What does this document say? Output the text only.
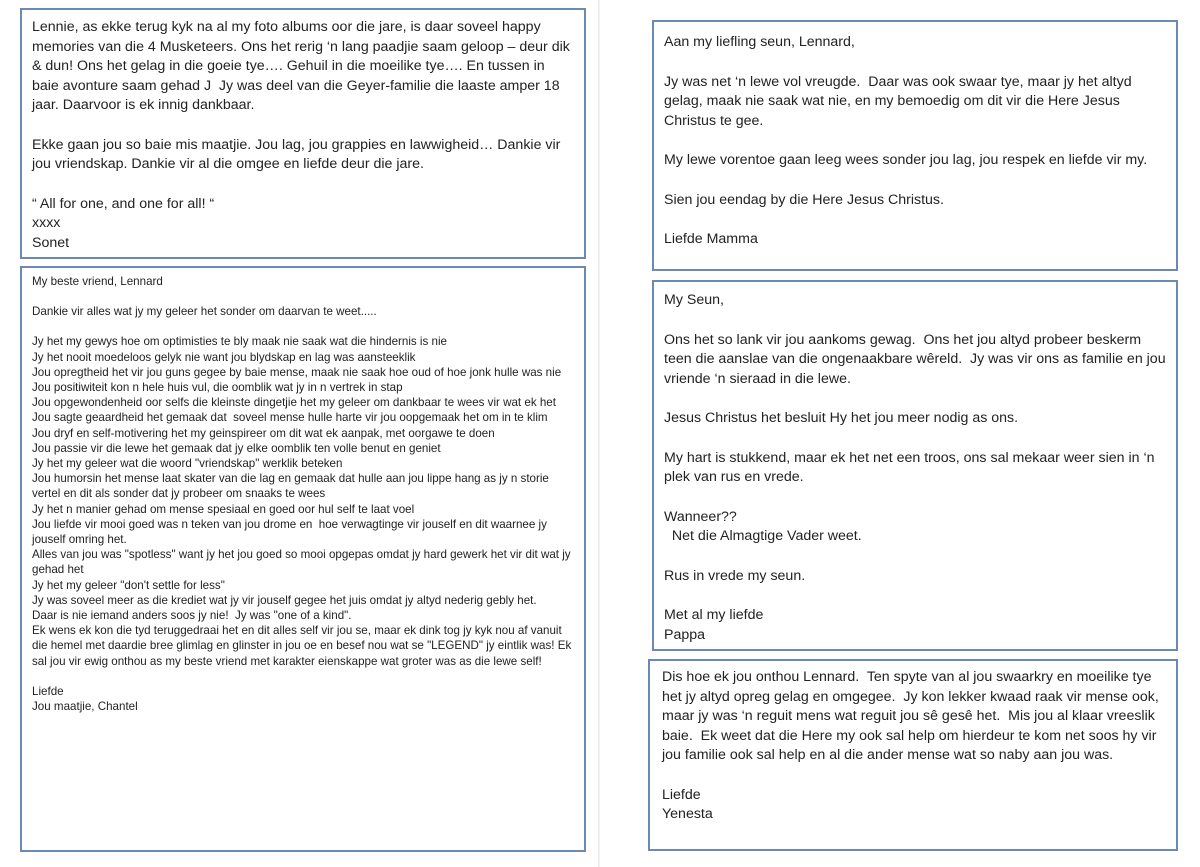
Lennie, as ekke terug kyk na al my foto albums oor die jare, is daar soveel happy memories van die 4 Musketeers. Ons het rerig ‘n lang paadjie saam geloop – deur dik & dun! Ons het gelag in die goeie tye…. Gehuil in die moeilike tye…. En tussen in baie avonture saam gehad J  Jy was deel van die Geyer-familie die laaste amper 18 jaar. Daarvoor is ek innig dankbaar.

Ekke gaan jou so baie mis maatjie. Jou lag, jou grappies en lawwigheid… Dankie vir jou vriendskap. Dankie vir al die omgee en liefde deur die jare.

“ All for one, and one for all! “

xxxx

Sonet

My beste vriend, Lennard

Dankie vir alles wat jy my geleer het sonder om daarvan te weet.....

Jy het my gewys hoe om optimisties te bly maak nie saak wat die hindernis is nie

Jy het nooit moedeloos gelyk nie want jou blydskap en lag was aansteeklik

Jou opregtheid het vir jou guns gegee by baie mense, maak nie saak hoe oud of hoe jonk hulle was nie

Jou positiwiteit kon n hele huis vul, die oomblik wat jy in n vertrek in stap

Jou opgewondenheid oor selfs die kleinste dingetjie het my geleer om dankbaar te wees vir wat ek het

Jou sagte geaardheid het gemaak dat  soveel mense hulle harte vir jou oopgemaak het om in te klim

Jou dryf en self-motivering het my geinspireer om dit wat ek aanpak, met oorgawe te doen

Jou passie vir die lewe het gemaak dat jy elke oomblik ten volle benut en geniet

Jy het my geleer wat die woord "vriendskap" werklik beteken

Jou humorsin het mense laat skater van die lag en gemaak dat hulle aan jou lippe hang as jy n storie vertel en dit als sonder dat jy probeer om snaaks te wees

Jy het n manier gehad om mense spesiaal en goed oor hul self te laat voel

Jou liefde vir mooi goed was n teken van jou drome en  hoe verwagtinge vir jouself en dit waarnee jy jouself omring het.

Alles van jou was "spotless" want jy het jou goed so mooi opgepas omdat jy hard gewerk het vir dit wat jy gehad het

Jy het my geleer "don't settle for less"

Jy was soveel meer as die krediet wat jy vir jouself gegee het juis omdat jy altyd nederig gebly het.

Daar is nie iemand anders soos jy nie!  Jy was "one of a kind".

Ek wens ek kon die tyd teruggedraai het en dit alles self vir jou se, maar ek dink tog jy kyk nou af vanuit die hemel met daardie bree glimlag en glinster in jou oe en besef nou wat se "LEGEND" jy eintlik was! Ek sal jou vir ewig onthou as my beste vriend met karakter eienskappe wat groter was as die lewe self!

Liefde

Jou maatjie, Chantel

Aan my liefling seun, Lennard,

Jy was net ‘n lewe vol vreugde.  Daar was ook swaar tye, maar jy het altyd gelag, maak nie saak wat nie, en my bemoedig om dit vir die Here Jesus Christus te gee.

My lewe vorentoe gaan leeg wees sonder jou lag, jou respek en liefde vir my.

Sien jou eendag by die Here Jesus Christus.

Liefde Mamma

My Seun,

Ons het so lank vir jou aankoms gewag.  Ons het jou altyd probeer beskerm teen die aanslae van die ongenaakbare wêreld.  Jy was vir ons as familie en jou vriende ‘n sieraad in die lewe.

Jesus Christus het besluit Hy het jou meer nodig as ons.

My hart is stukkend, maar ek het net een troos, ons sal mekaar weer sien in ‘n plek van rus en vrede.

Wanneer??

Net die Almagtige Vader weet.

Rus in vrede my seun.

Met al my liefde

Pappa

Dis hoe ek jou onthou Lennard.  Ten spyte van al jou swaarkry en moeilike tye het jy altyd opreg gelag en omgegee.  Jy kon lekker kwaad raak vir mense ook, maar jy was ‘n reguit mens wat reguit jou sê gesê het.  Mis jou al klaar vreeslik baie.  Ek weet dat die Here my ook sal help om hierdeur te kom net soos hy vir jou familie ook sal help en al die ander mense wat so naby aan jou was.

Liefde

Yenesta
